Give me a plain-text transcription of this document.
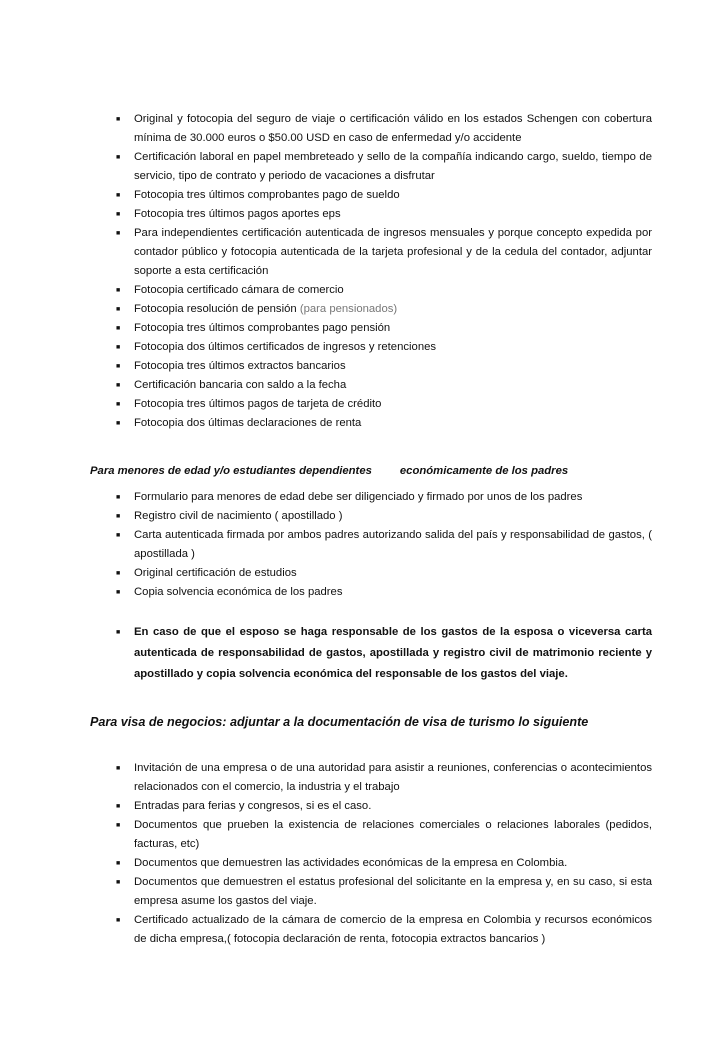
■
Original y fotocopia del seguro de viaje o certificación válido en los estados Schengen con cobertura mínima de 30.000 euros o $50.00 USD en caso de enfermedad y/o accidente
■
Certificación laboral en papel membreteado y sello de la compañía indicando cargo, sueldo, tiempo de servicio, tipo de contrato y periodo de vacaciones a disfrutar
■
Fotocopia tres últimos comprobantes pago de sueldo
■
Fotocopia tres últimos pagos aportes eps
■
Para independientes certificación autenticada de ingresos mensuales y porque concepto expedida por contador público y fotocopia autenticada de la tarjeta profesional y de la cedula del contador, adjuntar soporte a esta certificación
■
Fotocopia certificado cámara de comercio
■
Fotocopia resolución de pensión (para pensionados)
■
Fotocopia tres últimos comprobantes pago pensión
■
Fotocopia dos últimos certificados de ingresos y retenciones
■
Fotocopia tres últimos extractos bancarios
■
Certificación bancaria con saldo a la fecha
■
Fotocopia tres últimos pagos de tarjeta de crédito
■
Fotocopia dos últimas declaraciones de renta
Para menores de edad y/o estudiantes dependientes económicamente de los padres
■
Formulario para menores de edad debe ser diligenciado y firmado por unos de los padres
■
Registro civil de nacimiento ( apostillado )
■
Carta autenticada firmada por ambos padres autorizando salida del país y responsabilidad de gastos, ( apostillada )
■
Original certificación de estudios
■
Copia solvencia económica de los padres
■
En caso de que el esposo se haga responsable de los gastos de la esposa o viceversa carta autenticada de responsabilidad de gastos, apostillada y registro civil de matrimonio reciente y apostillado y copia solvencia económica del responsable de los gastos del viaje.
Para visa de negocios: adjuntar a la documentación de visa de turismo lo siguiente
■
Invitación de una empresa o de una autoridad para asistir a reuniones, conferencias o acontecimientos relacionados con el comercio, la industria y el trabajo
■
Entradas para ferias y congresos, si es el caso.
■
Documentos que prueben la existencia de relaciones comerciales o relaciones laborales (pedidos, facturas, etc)
■
Documentos que demuestren las actividades económicas de la empresa en Colombia.
■
Documentos que demuestren el estatus profesional del solicitante en la empresa y, en su caso, si esta empresa asume los gastos del viaje.
■
Certificado actualizado de la cámara de comercio de la empresa en Colombia y recursos económicos de dicha empresa,( fotocopia declaración de renta, fotocopia extractos bancarios )
